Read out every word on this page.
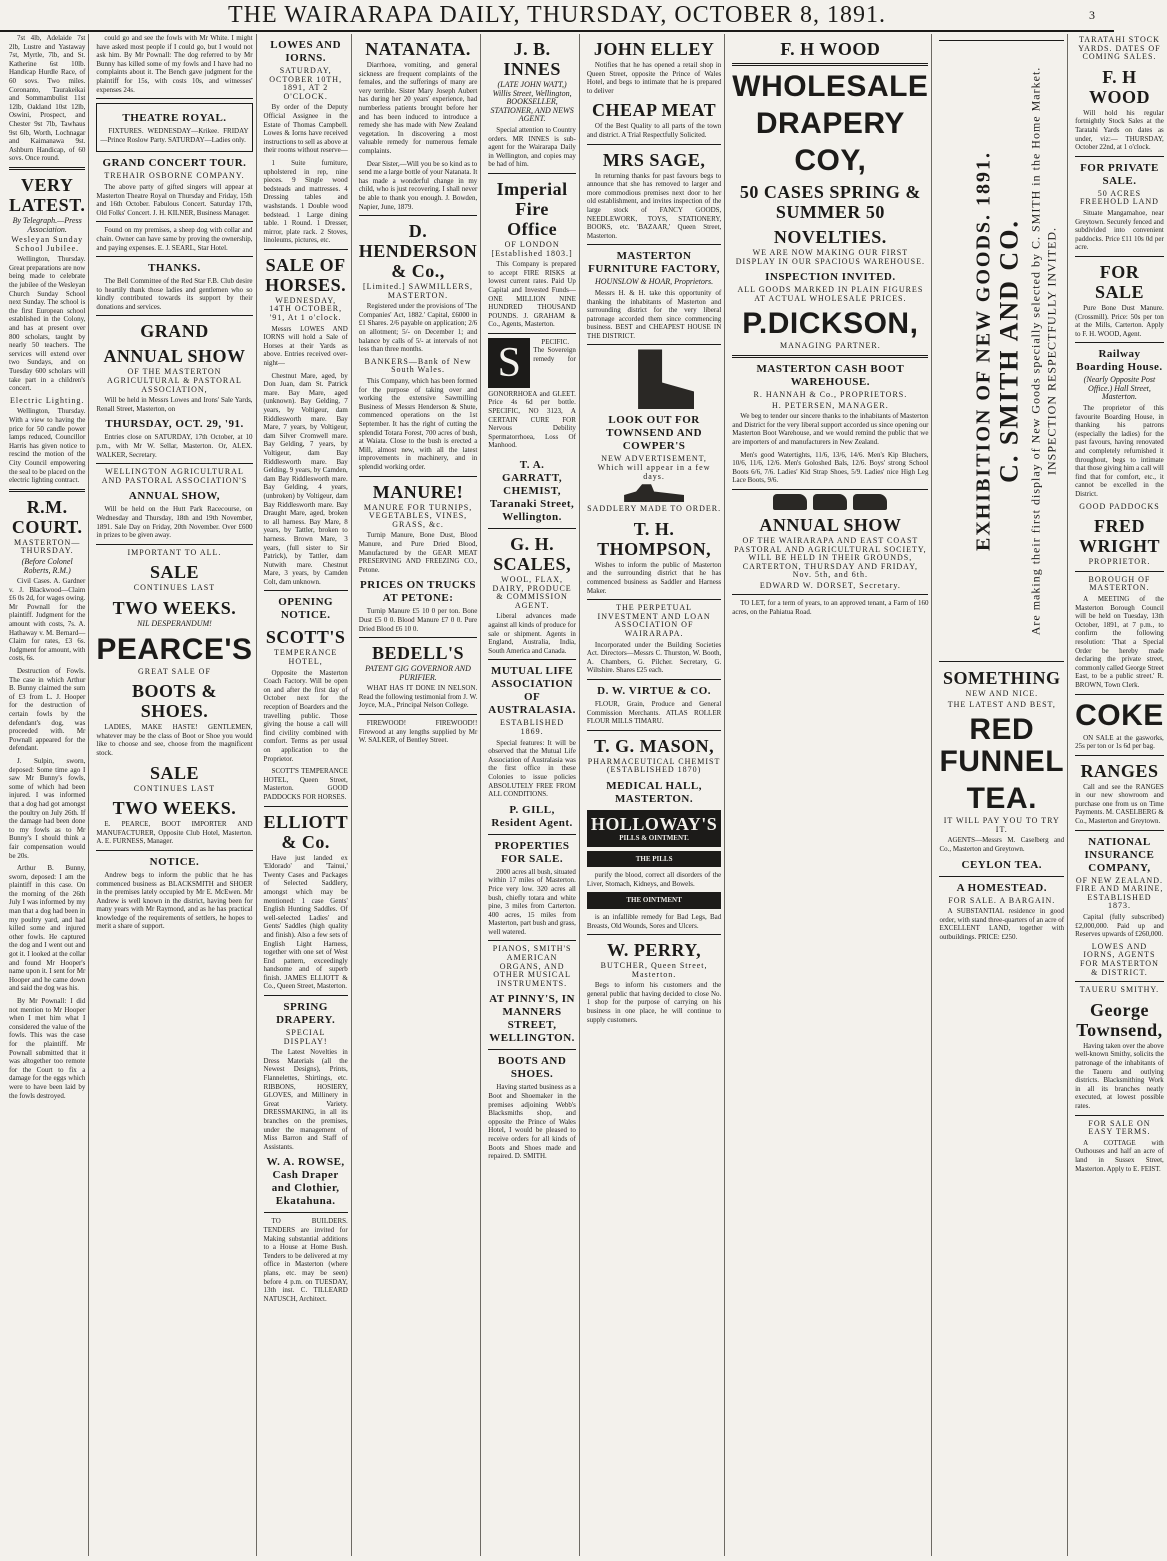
THE WAIRARAPA DAILY, THURSDAY, OCTOBER 8, 1891.	3

7st 4lb, Adelaide 7st 2lb, Lustre and Yastaway 7st, Myrtle, 7lb, and St. Katherine 6st 10lb. Handicap Hurdle Race, of 60 sovs. Two miles. Coronanto, Taurakeikai and Sommambulist 11st 12lb, Oakland 10st 12lb, Oswini, Prospect, and Chester 9st 7lb, Tawhaus 9st 6lb, Worth, Lochnagar and Kaimanawa 9st. Ashburn Handicap, of 60 sovs. Once round.

VERY LATEST.
By Telegraph.—Press Association.
Wesleyan Sunday School Jubilee.

Wellington, Thursday. Great preparations are now being made to celebrate the jubilee of the Wesleyan Church Sunday School next Sunday. The school is the first European school established in the Colony, and has at present over 800 scholars, taught by nearly 50 teachers. The services will extend over two Sundays, and on Tuesday 600 scholars will take part in a children's concert.

Electric Lighting.

Wellington, Thursday. With a view to having the price for 50 candle power lamps reduced, Councillor Harris has given notice to rescind the motion of the City Council empowering the seal to be placed on the electric lighting contract.

R.M. COURT.
MASTERTON—THURSDAY.
(Before Colonel Roberts, R.M.)

Civil Cases. A. Gardner v. J. Blackwood—Claim £6 0s 2d, for wages owing. Mr Pownall for the plaintiff. Judgment for the amount with costs, 7s. A. Hathaway v. M. Bernard—Claim for rates, £3 6s. Judgment for amount, with costs, 6s.

Destruction of Fowls. The case in which Arthur B. Bunny claimed the sum of £3 from L. J. Hooper for the destruction of certain fowls by the defendant's dog, was proceeded with. Mr Pownall appeared for the defendant.

J. Sulpin, sworn, deposed: Some time ago I saw Mr Bunny's fowls, some of which had been injured. I was informed that a dog had got amongst the poultry on July 26th. If the damage had been done to my fowls as to Mr Bunny's I should think a fair compensation would be 20s.

Arthur B. Bunny, sworn, deposed: I am the plaintiff in this case. On the morning of the 26th July I was informed by my man that a dog had been in my poultry yard, and had killed some and injured other fowls. He captured the dog and I went out and got it. I looked at the collar and found Mr Hooper's name upon it. I sent for Mr Hooper and he came down and said the dog was his.

By Mr Pownall: I did not mention to Mr Hooper when I met him what I considered the value of the fowls. This was the case for the plaintiff. Mr Pownall submitted that it was altogether too remote for the Court to fix a damage for the eggs which were to have been laid by the fowls destroyed.

could go and see the fowls with Mr White. I might have asked most people if I could go, but I would not ask him. By Mr Pownall: The dog referred to by Mr Bunny has killed some of my fowls and I have had no complaints about it. The Bench gave judgment for the plaintiff for 15s, with costs 10s, and witnesses' expenses 24s.

THEATRE ROYAL.

FIXTURES. WEDNESDAY—Krikee. FRIDAY—Prince Roslow Party. SATURDAY—Ladies only.

GRAND CONCERT TOUR.
TREHAIR OSBORNE COMPANY.

The above party of gifted singers will appear at Masterton Theatre Royal on Thursday and Friday, 15th and 16th October. Fabulous Concert. Saturday 17th, Old Folks' Concert. J. H. KILNER, Business Manager.

Found on my premises, a sheep dog with collar and chain. Owner can have same by proving the ownership, and paying expenses. E. J. SEARL, Star Hotel.

THANKS.

The Bell Committee of the Red Star F.B. Club desire to heartily thank those ladies and gentlemen who so kindly contributed towards its support by their donations and services.

GRAND
ANNUAL SHOW
OF THE MASTERTON AGRICULTURAL & PASTORAL ASSOCIATION,

Will be held in Messrs Lowes and Irons' Sale Yards, Renall Street, Masterton, on

THURSDAY, OCT. 29, '91.

Entries close on SATURDAY, 17th October, at 10 p.m., with Mr W. Sellar, Masterton. Or, ALEX. WALKER, Secretary.

WELLINGTON AGRICULTURAL AND PASTORAL ASSOCIATION'S
ANNUAL SHOW,

Will be held on the Hutt Park Racecourse, on Wednesday and Thursday, 18th and 19th November, 1891. Sale Day on Friday, 20th November. Over £600 in prizes to be given away.

IMPORTANT TO ALL.
SALE
CONTINUES LAST
TWO WEEKS.
NIL DESPERANDUM!
PEARCE'S
GREAT SALE OF
BOOTS & SHOES.

LADIES, MAKE HASTE! GENTLEMEN, whatever may be the class of Boot or Shoe you would like to choose and see, choose from the magnificent stock.

SALE
CONTINUES LAST
TWO WEEKS.

E. PEARCE, BOOT IMPORTER AND MANUFACTURER, Opposite Club Hotel, Masterton. A. E. FURNESS, Manager.

NOTICE.

Andrew begs to inform the public that he has commenced business as BLACKSMITH and SHOER in the premises lately occupied by Mr E. McEwen. Mr Andrew is well known in the district, having been for many years with Mr Raymond, and as he has practical knowledge of the requirements of settlers, he hopes to merit a share of support.

LOWES AND IORNS.
SATURDAY, OCTOBER 10TH, 1891, AT 2 O'CLOCK.

By order of the Deputy Official Assignee in the Estate of Thomas Campbell. Lowes & Iorns have received instructions to sell as above at their rooms without reserve—

1 Suite furniture, upholstered in rep, nine pieces. 9 Single wood bedsteads and mattresses. 4 Dressing tables and washstands. 1 Double wood bedstead. 1 Large dining table. 1 Round. 1 Dresser, mirror, plate rack. 2 Stoves, linoleums, pictures, etc.

SALE OF HORSES.
WEDNESDAY, 14TH OCTOBER, '91, At 1 o'clock.

Messrs LOWES AND IORNS will hold a Sale of Horses at their Yards as above. Entries received over-night—

Chestnut Mare, aged, by Don Juan, dam St. Patrick mare. Bay Mare, aged (unknown). Bay Gelding, 7 years, by Voltigeur, dam Riddlesworth mare. Bay Mare, 7 years, by Voltigeur, dam Silver Cromwell mare. Bay Gelding, 7 years, by Voltigeur, dam Bay Riddlesworth mare. Bay Gelding, 9 years, by Camden, dam Bay Riddlesworth mare. Bay Gelding, 4 years, (unbroken) by Voltigeur, dam Bay Riddlesworth mare. Bay Draught Mare, aged, broken to all harness. Bay Mare, 8 years, by Tattler, broken to harness. Brown Mare, 3 years, (full sister to Sir Patrick), by Tattler, dam Nutwith mare. Chestnut Mare, 3 years, by Camden Colt, dam unknown.

OPENING NOTICE.
SCOTT'S
TEMPERANCE HOTEL,

Opposite the Masterton Coach Factory. Will be open on and after the first day of October next for the reception of Boarders and the travelling public. Those giving the house a call will find civility combined with comfort. Terms as per usual on application to the Proprietor.

SCOTT'S TEMPERANCE HOTEL, Queen Street, Masterton. GOOD PADDOCKS FOR HORSES.

ELLIOTT & Co.

Have just landed ex 'Eldorado' and 'Tainui,' Twenty Cases and Packages of Selected Saddlery, amongst which may be mentioned: 1 case Gents' English Hunting Saddles. Of well-selected Ladies' and Gents' Saddles (high quality and finish). Also a few sets of English Light Harness, together with one set of West End pattern, exceedingly handsome and of superb finish. JAMES ELLIOTT & Co., Queen Street, Masterton.

SPRING DRAPERY.
SPECIAL DISPLAY!

The Latest Novelties in Dress Materials (all the Newest Designs), Prints, Flannelettes, Shirtings, etc. RIBBONS, HOSIERY, GLOVES, and Millinery in Great Variety. DRESSMAKING, in all its branches on the premises, under the management of Miss Barron and Staff of Assistants.

W. A. ROWSE, Cash Draper and Clothier, Ekatahuna.

TO BUILDERS. TENDERS are invited for Making substantial additions to a House at Home Bush. Tenders to be delivered at my office in Masterton (where plans, etc. may be seen) before 4 p.m. on TUESDAY, 13th inst. C. TILLEARD NATUSCH, Architect.

NATANATA.

Diarrhoea, vomiting, and general sickness are frequent complaints of the females, and the sufferings of many are very terrible. Sister Mary Joseph Aubert has during her 20 years' experience, had numberless patients brought before her and has been induced to introduce a remedy she has made with New Zealand vegetation. In discovering a most valuable remedy for numerous female complaints.

Dear Sister,—Will you be so kind as to send me a large bottle of your Natanata. It has made a wonderful change in my child, who is just recovering. I shall never be able to thank you enough. J. Bowden, Napier, June, 1879.

D. HENDERSON & Co.,
[Limited.] SAWMILLERS, MASTERTON.

Registered under the provisions of 'The Companies' Act, 1882.' Capital, £6000 in £1 Shares. 2/6 payable on application; 2/6 on allotment; 5/- on December 1; and balance by calls of 5/- at intervals of not less than three months.

BANKERS—Bank of New South Wales.

This Company, which has been formed for the purpose of taking over and working the extensive Sawmilling Business of Messrs Henderson & Shute, commenced operations on the 1st September. It has the right of cutting the splendid Totara Forest, 700 acres of bush, at Waiata. Close to the bush is erected a Mill, almost new, with all the latest improvements in machinery, and in splendid working order.

MANURE!
MANURE FOR TURNIPS, VEGETABLES, VINES, GRASS, &c.

Turnip Manure, Bone Dust, Blood Manure, and Pure Dried Blood, Manufactured by the GEAR MEAT PRESERVING AND FREEZING CO., Petone.

PRICES ON TRUCKS AT PETONE:

Turnip Manure £5 10 0 per ton. Bone Dust £5 0 0. Blood Manure £7 0 0. Pure Dried Blood £6 10 0.

BEDELL'S
PATENT GIG GOVERNOR AND PURIFIER.

WHAT HAS IT DONE IN NELSON. Read the following testimonial from J. W. Joyce, M.A., Principal Nelson College.

FIREWOOD! FIREWOOD!! Firewood at any lengths supplied by Mr W. SALKER, of Bentley Street.

J. B. INNES
(LATE JOHN WATT,) Willis Street, Wellington, BOOKSELLER, STATIONER, AND NEWS AGENT.

Special attention to Country orders. MR INNES is sub-agent for the Wairarapa Daily in Wellington, and copies may be had of him.

Imperial Fire Office
OF LONDON [Established 1803.]

This Company is prepared to accept FIRE RISKS at lowest current rates. Paid Up Capital and Invested Funds—ONE MILLION NINE HUNDRED THOUSAND POUNDS. J. GRAHAM & Co., Agents, Masterton.

S	PECIFIC. The Sovereign remedy for GONORRHOEA and GLEET. Price 4s 6d per bottle. SPECIFIC, NO 3123, A CERTAIN CURE FOR Nervous Debility Spermatorrhoea, Loss Of Manhood.

T. A. GARRATT, CHEMIST, Taranaki Street, Wellington.
G. H. SCALES,
WOOL, FLAX, DAIRY, PRODUCE & COMMISSION AGENT.

Liberal advances made against all kinds of produce for sale or shipment. Agents in England, Australia, India, South America and Canada.

MUTUAL LIFE ASSOCIATION OF AUSTRALASIA.
ESTABLISHED 1869.

Special features: It will be observed that the Mutual Life Association of Australasia was the first office in these Colonies to issue policies ABSOLUTELY FREE FROM ALL CONDITIONS.

P. GILL, Resident Agent.
PROPERTIES FOR SALE.

2000 acres all bush, situated within 17 miles of Masterton. Price very low. 320 acres all bush, chiefly totara and white pine, 3 miles from Carterton. 400 acres, 15 miles from Masterton, part bush and grass, well watered.

PIANOS, SMITH'S AMERICAN ORGANS, AND OTHER MUSICAL INSTRUMENTS.
AT PINNY'S, IN MANNERS STREET, WELLINGTON.
BOOTS AND SHOES.

Having started business as a Boot and Shoemaker in the premises adjoining Webb's Blacksmiths shop, and opposite the Prince of Wales Hotel, I would be pleased to receive orders for all kinds of Boots and Shoes made and repaired. D. SMITH.

JOHN ELLEY

Notifies that he has opened a retail shop in Queen Street, opposite the Prince of Wales Hotel, and begs to intimate that he is prepared to deliver

CHEAP MEAT

Of the Best Quality to all parts of the town and district. A Trial Respectfully Solicited.

MRS SAGE,

In returning thanks for past favours begs to announce that she has removed to larger and more commodious premises next door to her old establishment, and invites inspection of the large stock of FANCY GOODS, NEEDLEWORK, TOYS, STATIONERY, BOOKS, etc. 'BAZAAR,' Queen Street, Masterton.

MASTERTON FURNITURE FACTORY,
HOUNSLOW & HOAR, Proprietors.

Messrs H. & H. take this opportunity of thanking the inhabitants of Masterton and surrounding district for the very liberal patronage accorded them since commencing business. BEST and CHEAPEST HOUSE IN THE DISTRICT.

LOOK OUT FOR TOWNSEND AND COWPER'S
NEW ADVERTISEMENT, Which will appear in a few days.
SADDLERY MADE TO ORDER.
T. H. THOMPSON,

Wishes to inform the public of Masterton and the surrounding district that he has commenced business as Saddler and Harness Maker.

THE PERPETUAL INVESTMENT AND LOAN ASSOCIATION OF WAIRARAPA.

Incorporated under the Building Societies Act. Directors—Messrs C. Thurston, W. Booth, A. Chambers, G. Pilcher. Secretary, G. Wiltshire. Shares £25 each.

D. W. VIRTUE & CO.

FLOUR, Grain, Produce and General Commission Merchants. ATLAS ROLLER FLOUR MILLS TIMARU.

T. G. MASON,
PHARMACEUTICAL CHEMIST (ESTABLISHED 1870)
MEDICAL HALL, MASTERTON.
HOLLOWAY'S
PILLS & OINTMENT.
THE PILLS

purify the blood, correct all disorders of the Liver, Stomach, Kidneys, and Bowels.

THE OINTMENT

is an infallible remedy for Bad Legs, Bad Breasts, Old Wounds, Sores and Ulcers.

W. PERRY,
BUTCHER, Queen Street, Masterton.

Begs to inform his customers and the general public that having decided to close No. 1 shop for the purpose of carrying on his business in one place, he will continue to supply customers.

F. H WOOD
WHOLESALE
DRAPERY
COY,
50 CASES SPRING & SUMMER 50
NOVELTIES.
WE ARE NOW MAKING OUR FIRST DISPLAY IN OUR SPACIOUS WAREHOUSE.
INSPECTION INVITED.
ALL GOODS MARKED IN PLAIN FIGURES AT ACTUAL WHOLESALE PRICES.
P.DICKSON,
MANAGING PARTNER.
MASTERTON CASH BOOT WAREHOUSE.
R. HANNAH & Co., PROPRIETORS.
H. PETERSEN, MANAGER.

We beg to tender our sincere thanks to the inhabitants of Masterton and District for the very liberal support accorded us since opening our Masterton Boot Warehouse, and we would remind the public that we are importers of and manufacturers in New Zealand.

Men's good Watertights, 11/6, 13/6, 14/6. Men's Kip Bluchers, 10/6, 11/6, 12/6. Men's Goloshed Bals, 12/6. Boys' strong School Boots 6/6, 7/6. Ladies' Kid Strap Shoes, 5/9. Ladies' nice High Leg Lace Boots, 9/6.

ANNUAL SHOW
OF THE WAIRARAPA AND EAST COAST PASTORAL AND AGRICULTURAL SOCIETY, WILL BE HELD IN THEIR GROUNDS, CARTERTON, THURSDAY AND FRIDAY, Nov. 5th, and 6th.
EDWARD W. DORSET, Secretary.

TO LET, for a term of years, to an approved tenant, a Farm of 160 acres, on the Pahiatua Road.

EXHIBITION OF NEW GOODS. 1891. C. SMITH AND CO. Are making their first display of New Goods specially selected by C. SMITH in the Home Market. INSPECTION RESPECTFULLY INVITED.
SOMETHING
NEW AND NICE.
THE LATEST AND BEST,
RED FUNNEL
TEA.
IT WILL PAY YOU TO TRY IT.

AGENTS—Messrs M. Caselberg and Co., Masterton and Greytown.

CEYLON TEA.
A HOMESTEAD.
FOR SALE. A BARGAIN.

A SUBSTANTIAL residence in good order, with stand three-quarters of an acre of EXCELLENT LAND, together with outbuildings. PRICE: £250.

TARATAHI STOCK YARDS. DATES OF COMING SALES.
F. H WOOD

Will hold his regular fortnightly Stock Sales at the Taratahi Yards on dates as under, viz:— THURSDAY, October 22nd, at 1 o'clock.

FOR PRIVATE SALE.
50 ACRES FREEHOLD LAND

Situate Mangamahoe, near Greytown. Securely fenced and subdivided into convenient paddocks. Price £11 10s 0d per acre.

FOR SALE

Pure Bone Dust Manure. (Crossmill). Price: 50s per ton at the Mills, Carterton. Apply to F. H. WOOD, Agent.

Railway Boarding House.
(Nearly Opposite Post Office.) Hall Street, Masterton.

The proprietor of this favourite Boarding House, in thanking his patrons (especially the ladies) for the past favours, having renovated and completely refurnished it throughout, begs to intimate that those giving him a call will find that for comfort, etc., it cannot be excelled in the District.

GOOD PADDOCKS
FRED WRIGHT
PROPRIETOR.
BOROUGH OF MASTERTON.

A MEETING of the Masterton Borough Council will be held on Tuesday, 13th October, 1891, at 7 p.m., to confirm the following resolution: 'That a Special Order be hereby made declaring the private street, commonly called George Street East, to be a public street.' R. BROWN, Town Clerk.

COKE

ON SALE at the gasworks, 25s per ton or 1s 6d per bag.

RANGES

Call and see the RANGES in our new showroom and purchase one from us on Time Payments. M. CASELBERG & Co., Masterton and Greytown.

NATIONAL INSURANCE COMPANY,
OF NEW ZEALAND. FIRE AND MARINE, ESTABLISHED 1873.

Capital (fully subscribed) £2,000,000. Paid up and Reserves upwards of £260,000.

LOWES AND IORNS, AGENTS FOR MASTERTON & DISTRICT.
TAUERU SMITHY.
George Townsend,

Having taken over the above well-known Smithy, solicits the patronage of the inhabitants of the Taueru and outlying districts. Blacksmithing Work in all its branches neatly executed, at lowest possible rates.

FOR SALE ON EASY TERMS.

A COTTAGE with Outhouses and half an acre of land in Sussex Street, Masterton. Apply to E. FEIST.
